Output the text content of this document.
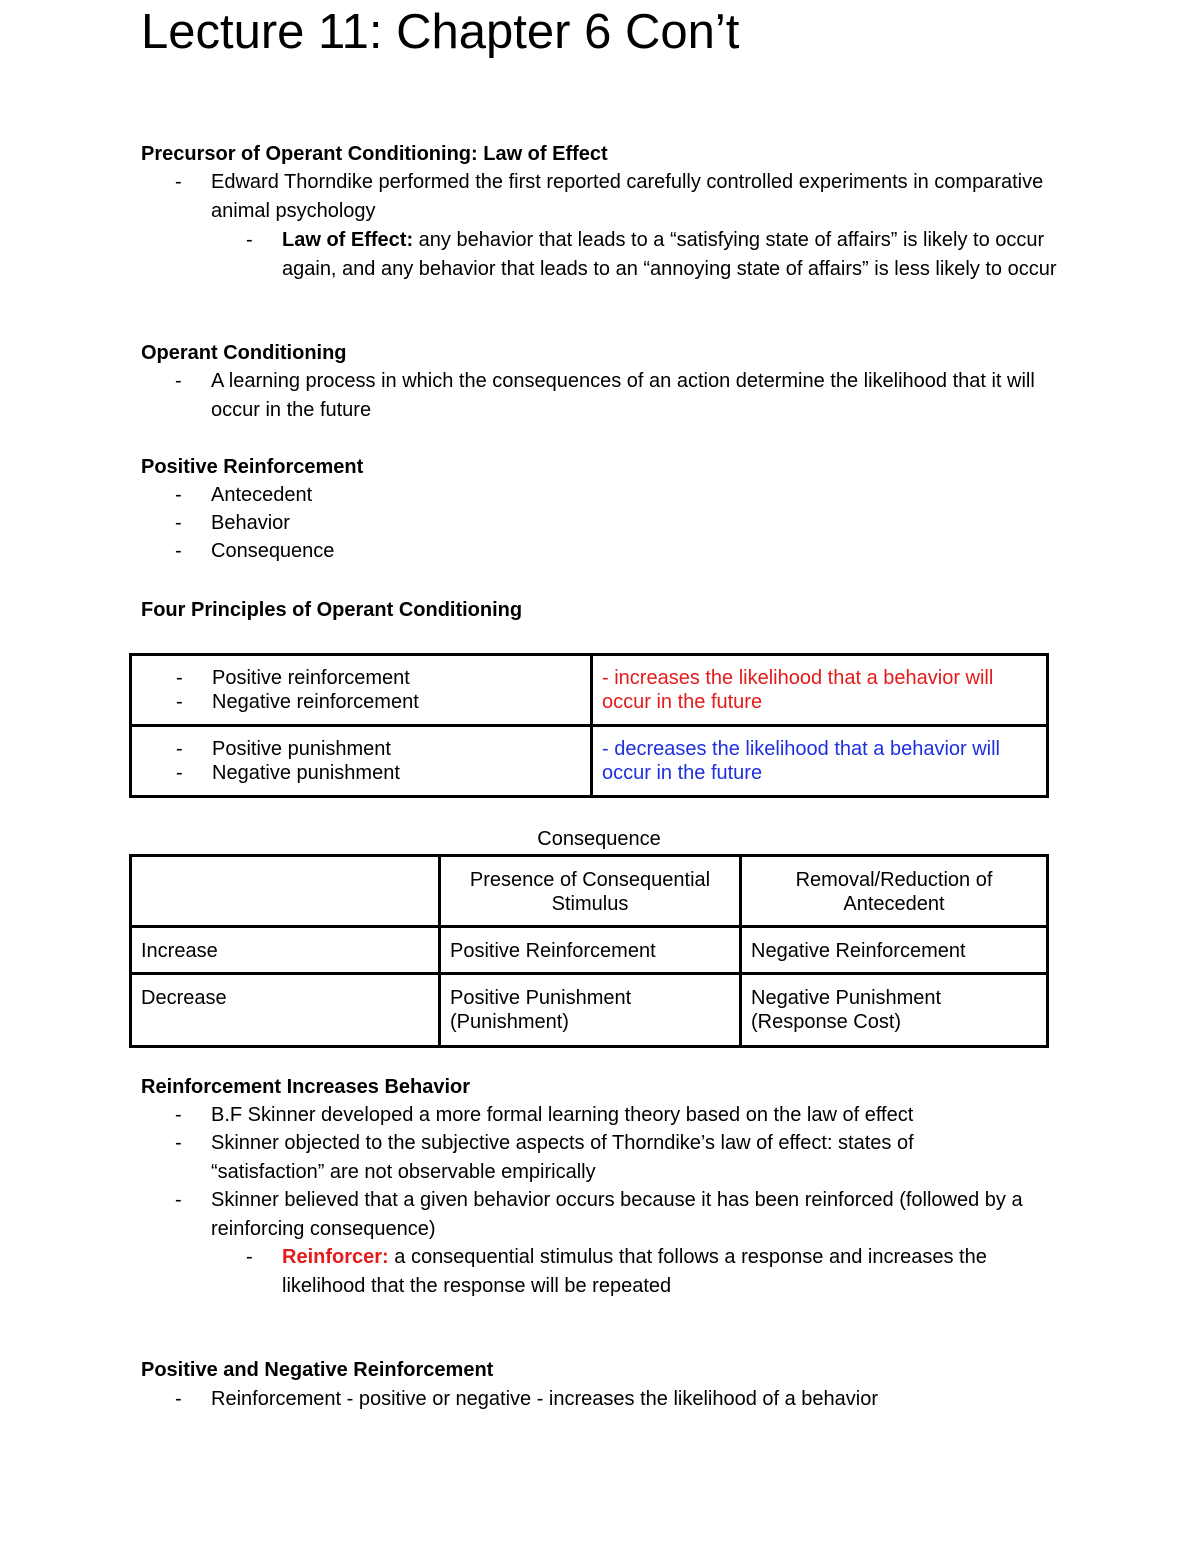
Lecture 11: Chapter 6 Con’t
Precursor of Operant Conditioning: Law of Effect
- Edward Thorndike performed the first reported carefully controlled experiments in comparative animal psychology
- Law of Effect: any behavior that leads to a “satisfying state of affairs” is likely to occur again, and any behavior that leads to an “annoying state of affairs” is less likely to occur
Operant Conditioning
- A learning process in which the consequences of an action determine the likelihood that it will occur in the future
Positive Reinforcement
- Antecedent
- Behavior
- Consequence
Four Principles of Operant Conditioning
- Positive reinforcement
- Negative reinforcement	- increases the likelihood that a behavior will occur in the future

- Positive punishment
- Negative punishment	- decreases the likelihood that a behavior will occur in the future
Consequence
	Presence of Consequential Stimulus	Removal/Reduction of Antecedent
Increase	Positive Reinforcement	Negative Reinforcement
Decrease	Positive Punishment (Punishment)	Negative Punishment (Response Cost)
Reinforcement Increases Behavior
- B.F Skinner developed a more formal learning theory based on the law of effect
- Skinner objected to the subjective aspects of Thorndike’s law of effect: states of “satisfaction” are not observable empirically
- Skinner believed that a given behavior occurs because it has been reinforced (followed by a reinforcing consequence)
- Reinforcer: a consequential stimulus that follows a response and increases the likelihood that the response will be repeated
Positive and Negative Reinforcement
- Reinforcement - positive or negative - increases the likelihood of a behavior
